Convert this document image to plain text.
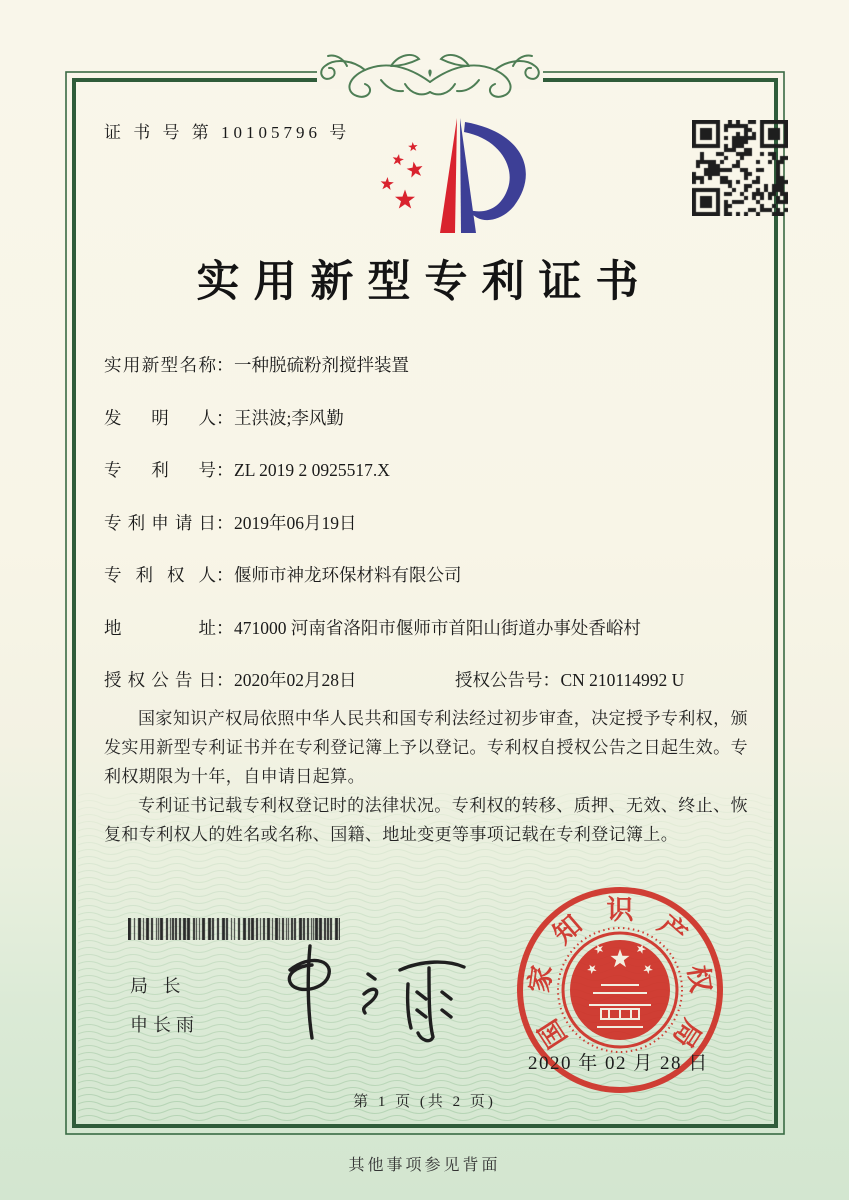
证 书 号 第 10105796 号
实用新型专利证书
实 用 新 型 名 称 ： 一种脱硫粉剂搅拌装置
发 明 人 ： 王洪波;李风勤
专 利 号 ： ZL 2019 2 0925517.X
专 利 申 请 日 ： 2019年06月19日
专 利 权 人 ： 偃师市神龙环保材料有限公司
地	址 ： 471000 河南省洛阳市偃师市首阳山街道办事处香峪村
授 权 公 告 日 ： 2020年02月28日	授权公告号 ： CN 210114992 U

国家知识产权局依照中华人民共和国专利法经过初步审查，决定授予专利权，颁发实用新型专利证书并在专利登记簿上予以登记。专利权自授权公告之日起生效。专利权期限为十年，自申请日起算。

专利证书记载专利权登记时的法律状况。专利权的转移、质押、无效、终止、恢复和专利权人的姓名或名称、国籍、地址变更等事项记载在专利登记簿上。

局 长
申长雨	国
家
知 识 产
权
局
2020 年 02 月 28 日
第 1 页 (共 2 页)
其他事项参见背面
